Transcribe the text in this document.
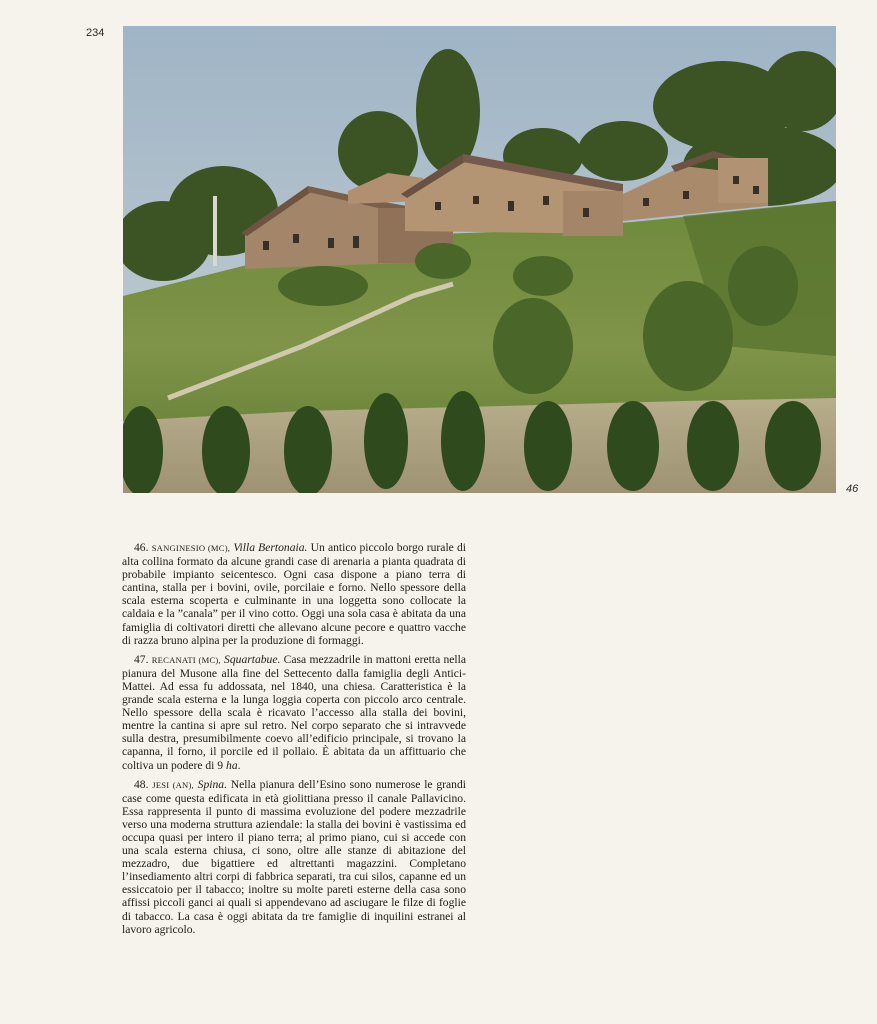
234
46

46. SANGINESIO (MC), Villa Bertonaia. Un antico piccolo borgo rurale di alta collina formato da alcune grandi case di arenaria a pianta quadrata di probabile impianto seicentesco. Ogni casa dispone a piano terra di cantina, stalla per i bovini, ovile, porcilaie e forno. Nello spessore della scala esterna scoperta e culminante in una loggetta sono collocate la caldaia e la ”canala” per il vino cotto. Oggi una sola casa è abitata da una famiglia di coltivatori diretti che allevano alcune pecore e quattro vacche di razza bruno alpina per la produzione di formaggi.

47. RECANATI (MC), Squartabue. Casa mezzadrile in mattoni eretta nella pianura del Musone alla fine del Settecento dalla famiglia degli Antici-Mattei. Ad essa fu addossata, nel 1840, una chiesa. Caratteristica è la grande scala esterna e la lunga loggia coperta con piccolo arco centrale. Nello spessore della scala è ricavato l’accesso alla stalla dei bovini, mentre la cantina si apre sul retro. Nel corpo separato che si intravvede sulla destra, presumibilmente coevo all’edificio principale, si trovano la capanna, il forno, il porcile ed il pollaio. È abitata da un affittuario che coltiva un podere di 9 ha.

48. JESI (AN), Spina. Nella pianura dell’Esino sono numerose le grandi case come questa edificata in età giolittiana presso il canale Pallavicino. Essa rappresenta il punto di massima evoluzione del podere mezzadrile verso una moderna struttura aziendale: la stalla dei bovini è vastissima ed occupa quasi per intero il piano terra; al primo piano, cui si accede con una scala esterna chiusa, ci sono, oltre alle stanze di abitazione del mezzadro, due bigattiere ed altrettanti magazzini. Completano l’insediamento altri corpi di fabbrica separati, tra cui silos, capanne ed un essiccatoio per il tabacco; inoltre su molte pareti esterne della casa sono affissi piccoli ganci ai quali si appendevano ad asciugare le filze di foglie di tabacco. La casa è oggi abitata da tre famiglie di inquilini estranei al lavoro agricolo.
